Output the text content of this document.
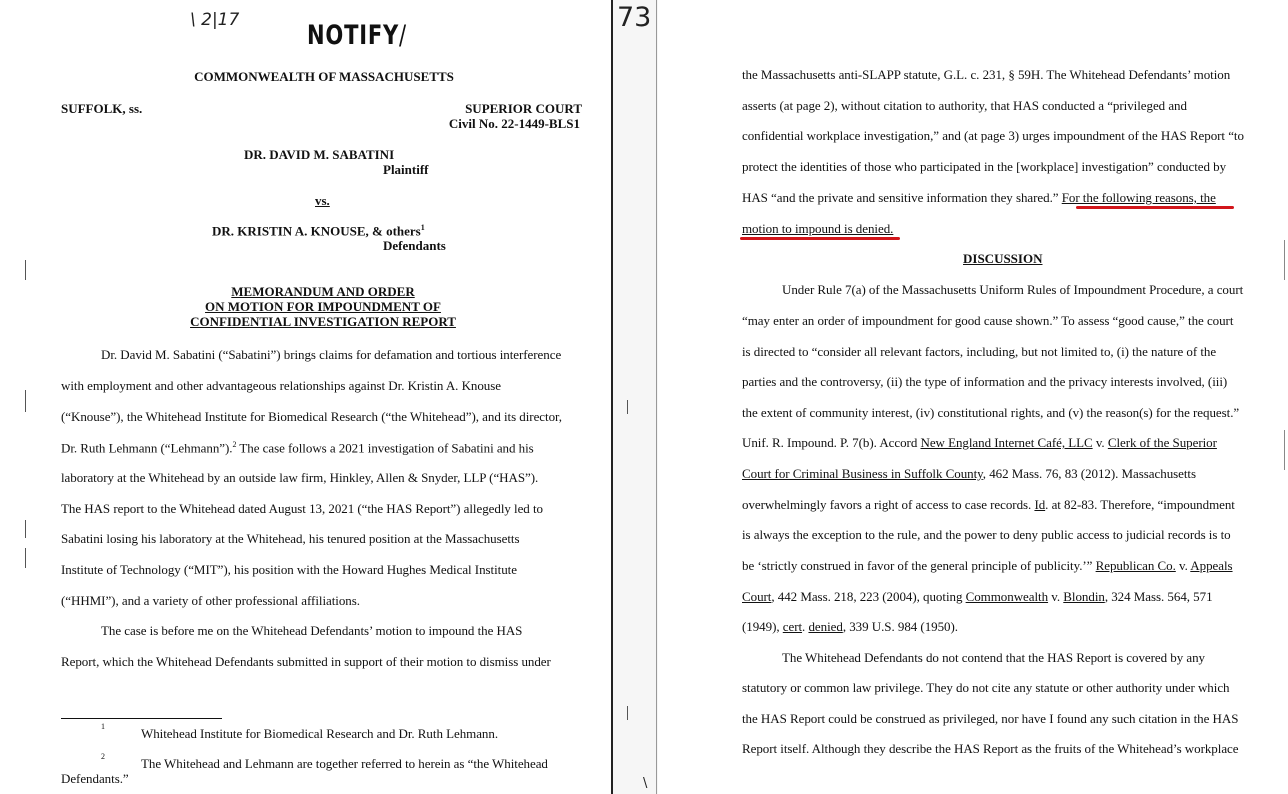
\ 2|17	NOTIFY/
COMMONWEALTH OF MASSACHUSETTS
SUFFOLK, ss.	SUPERIOR COURT
Civil No. 22-1449-BLS1
DR. DAVID M. SABATINI
Plaintiff
vs.
DR. KRISTIN A. KNOUSE, & others$^1$
Defendants
MEMORANDUM AND ORDER
ON MOTION FOR IMPOUNDMENT OF
CONFIDENTIAL INVESTIGATION REPORT
Dr. David M. Sabatini (“Sabatini”) brings claims for defamation and tortious interference
with employment and other advantageous relationships against Dr. Kristin A. Knouse
(“Knouse”), the Whitehead Institute for Biomedical Research (“the Whitehead”), and its director,
Dr. Ruth Lehmann (“Lehmann”).$^2$ The case follows a 2021 investigation of Sabatini and his
laboratory at the Whitehead by an outside law firm, Hinkley, Allen & Snyder, LLP (“HAS”).
The HAS report to the Whitehead dated August 13, 2021 (“the HAS Report”) allegedly led to
Sabatini losing his laboratory at the Whitehead, his tenured position at the Massachusetts
Institute of Technology (“MIT”), his position with the Howard Hughes Medical Institute
(“HHMI”), and a variety of other professional affiliations.
The case is before me on the Whitehead Defendants’ motion to impound the HAS
Report, which the Whitehead Defendants submitted in support of their motion to dismiss under
1	Whitehead Institute for Biomedical Research and Dr. Ruth Lehmann.
2	The Whitehead and Lehmann are together referred to herein as “the Whitehead
Defendants.”
73
\
the Massachusetts anti-SLAPP statute, G.L. c. 231, § 59H. The Whitehead Defendants’ motion
asserts (at page 2), without citation to authority, that HAS conducted a “privileged and
confidential workplace investigation,” and (at page 3) urges impoundment of the HAS Report “to
protect the identities of those who participated in the [workplace] investigation” conducted by
HAS “and the private and sensitive information they shared.” For the following reasons, the
motion to impound is denied.
DISCUSSION
Under Rule 7(a) of the Massachusetts Uniform Rules of Impoundment Procedure, a court
“may enter an order of impoundment for good cause shown.” To assess “good cause,” the court
is directed to “consider all relevant factors, including, but not limited to, (i) the nature of the
parties and the controversy, (ii) the type of information and the privacy interests involved, (iii)
the extent of community interest, (iv) constitutional rights, and (v) the reason(s) for the request.”
Unif. R. Impound. P. 7(b). Accord New England Internet Café, LLC v. Clerk of the Superior
Court for Criminal Business in Suffolk County, 462 Mass. 76, 83 (2012). Massachusetts
overwhelmingly favors a right of access to case records. Id. at 82-83. Therefore, “impoundment
is always the exception to the rule, and the power to deny public access to judicial records is to
be ‘strictly construed in favor of the general principle of publicity.’” Republican Co. v. Appeals
Court, 442 Mass. 218, 223 (2004), quoting Commonwealth v. Blondin, 324 Mass. 564, 571
(1949), cert. denied, 339 U.S. 984 (1950).
The Whitehead Defendants do not contend that the HAS Report is covered by any
statutory or common law privilege. They do not cite any statute or other authority under which
the HAS Report could be construed as privileged, nor have I found any such citation in the HAS
Report itself. Although they describe the HAS Report as the fruits of the Whitehead’s workplace
